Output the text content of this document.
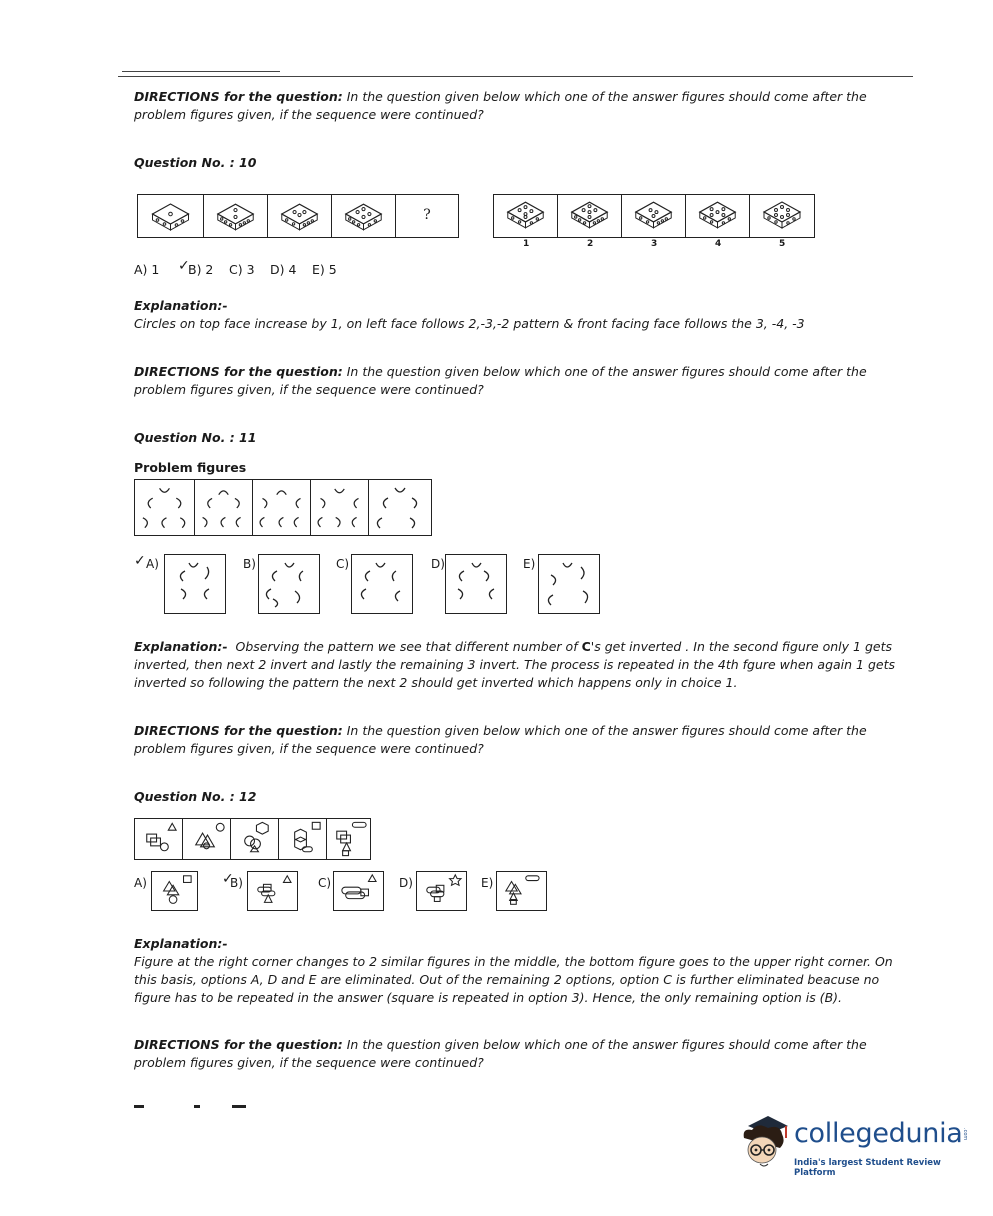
DIRECTIONS for the question: In the question given below which one of the answer figures should come after the problem figures given, if the sequence were continued?
Question No. : 10
?
1	2	3	4	5
A) 1 ✓
B) 2 C) 3 D) 4 E) 5
Explanation:-
Circles on top face increase by 1, on left face follows 2,-3,-2 pattern & front facing face follows the 3, -4, -3
DIRECTIONS for the question: In the question given below which one of the answer figures should come after the problem figures given, if the sequence were continued?
Question No. : 11
Problem figures
✓ A)	B)	C)	D)	E)
Explanation:- Observing the pattern we see that different number of C's get inverted . In the second figure only 1 gets inverted, then next 2 invert and lastly the remaining 3 invert. The process is repeated in the 4th fgure when again 1 gets inverted so following the pattern the next 2 should get inverted which happens only in choice 1.
DIRECTIONS for the question: In the question given below which one of the answer figures should come after the problem figures given, if the sequence were continued?
Question No. : 12
A)	✓
B)	C)	D)	E)
Explanation:-
Figure at the right corner changes to 2 similar figures in the middle, the bottom figure goes to the upper right corner. On this basis, options A, D and E are eliminated. Out of the remaining 2 options, option C is further eliminated beacuse no figure has to be repeated in the answer (square is repeated in option 3). Hence, the only remaining option is (B).
DIRECTIONS for the question: In the question given below which one of the answer figures should come after the problem figures given, if the sequence were continued?
collegedunia .com
India's largest Student Review Platform
